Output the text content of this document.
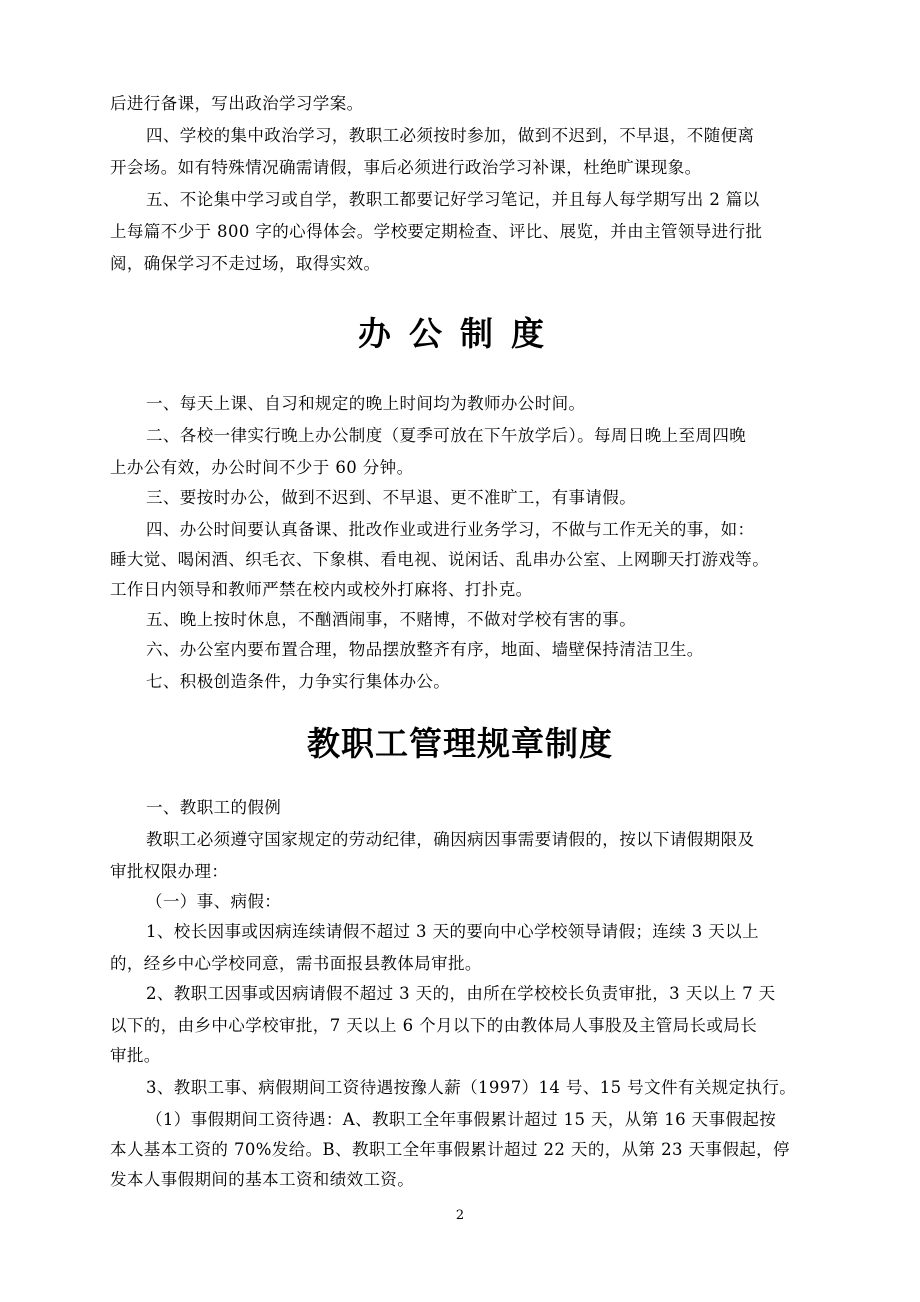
后进行备课，写出政治学习学案。

四、学校的集中政治学习，教职工必须按时参加，做到不迟到，不早退，不随便离

开会场。如有特殊情况确需请假，事后必须进行政治学习补课，杜绝旷课现象。

五、不论集中学习或自学，教职工都要记好学习笔记，并且每人每学期写出 2 篇以

上每篇不少于 800 字的心得体会。学校要定期检查、评比、展览，并由主管领导进行批

阅，确保学习不走过场，取得实效。

办公制度

一、每天上课、自习和规定的晚上时间均为教师办公时间。

二、各校一律实行晚上办公制度（夏季可放在下午放学后）。每周日晚上至周四晚

上办公有效，办公时间不少于 60 分钟。

三、要按时办公，做到不迟到、不早退、更不准旷工，有事请假。

四、办公时间要认真备课、批改作业或进行业务学习，不做与工作无关的事，如：

睡大觉、喝闲酒、织毛衣、下象棋、看电视、说闲话、乱串办公室、上网聊天打游戏等。

工作日内领导和教师严禁在校内或校外打麻将、打扑克。

五、晚上按时休息，不酗酒闹事，不赌博，不做对学校有害的事。

六、办公室内要布置合理，物品摆放整齐有序，地面、墙壁保持清洁卫生。

七、积极创造条件，力争实行集体办公。

教职工管理规章制度

一、教职工的假例

教职工必须遵守国家规定的劳动纪律，确因病因事需要请假的，按以下请假期限及

审批权限办理：

（一）事、病假：

1、校长因事或因病连续请假不超过 3 天的要向中心学校领导请假；连续 3 天以上

的，经乡中心学校同意，需书面报县教体局审批。

2、教职工因事或因病请假不超过 3 天的，由所在学校校长负责审批，3 天以上 7 天

以下的，由乡中心学校审批，7 天以上 6 个月以下的由教体局人事股及主管局长或局长

审批。

3、教职工事、病假期间工资待遇按豫人薪（1997）14 号、15 号文件有关规定执行。

（1）事假期间工资待遇：A、教职工全年事假累计超过 15 天，从第 16 天事假起按

本人基本工资的 70%发给。B、教职工全年事假累计超过 22 天的，从第 23 天事假起，停

发本人事假期间的基本工资和绩效工资。

2
